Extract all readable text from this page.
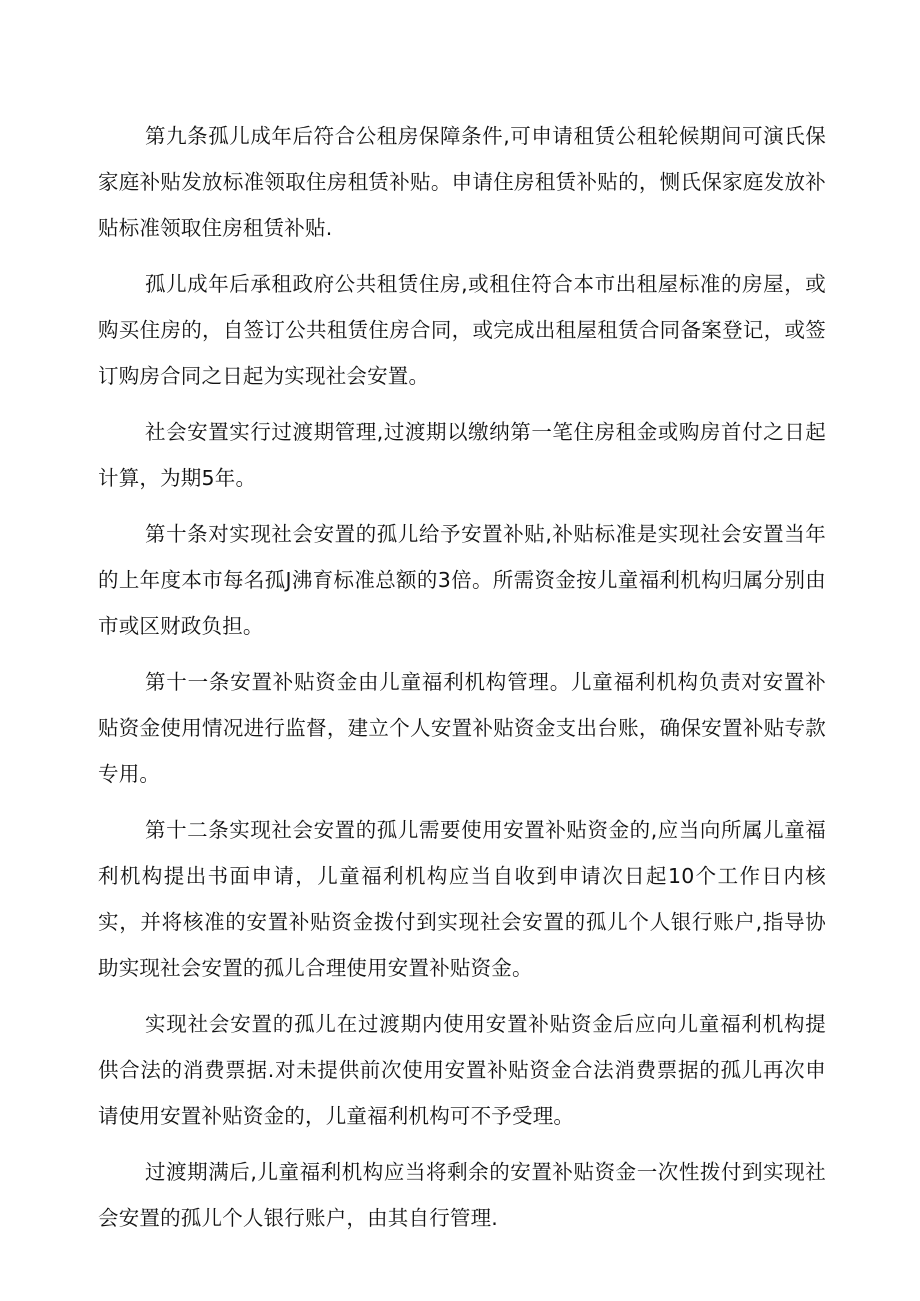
第九条孤儿成年后符合公租房保障条件,可申请租赁公租轮候期间可演氏保家庭补贴发放标准领取住房租赁补贴。申请住房租赁补贴的，恻氏保家庭发放补贴标准领取住房租赁补贴.

孤儿成年后承租政府公共租赁住房,或租住符合本市出租屋标准的房屋，或购买住房的，自签订公共租赁住房合同，或完成出租屋租赁合同备案登记，或签订购房合同之日起为实现社会安置。

社会安置实行过渡期管理,过渡期以缴纳第一笔住房租金或购房首付之日起计算，为期5年。

第十条对实现社会安置的孤儿给予安置补贴,补贴标准是实现社会安置当年的上年度本市每名孤J沸育标准总额的3倍。所需资金按儿童福利机构归属分别由市或区财政负担。

第十一条安置补贴资金由儿童福利机构管理。儿童福利机构负责对安置补贴资金使用情况进行监督，建立个人安置补贴资金支出台账，确保安置补贴专款专用。

第十二条实现社会安置的孤儿需要使用安置补贴资金的,应当向所属儿童福利机构提出书面申请，儿童福利机构应当自收到申请次日起10个工作日内核实，并将核准的安置补贴资金拨付到实现社会安置的孤儿个人银行账户,指导协助实现社会安置的孤儿合理使用安置补贴资金。

实现社会安置的孤儿在过渡期内使用安置补贴资金后应向儿童福利机构提供合法的消费票据.对未提供前次使用安置补贴资金合法消费票据的孤儿再次申请使用安置补贴资金的，儿童福利机构可不予受理。

过渡期满后,儿童福利机构应当将剩余的安置补贴资金一次性拨付到实现社会安置的孤儿个人银行账户，由其自行管理.
